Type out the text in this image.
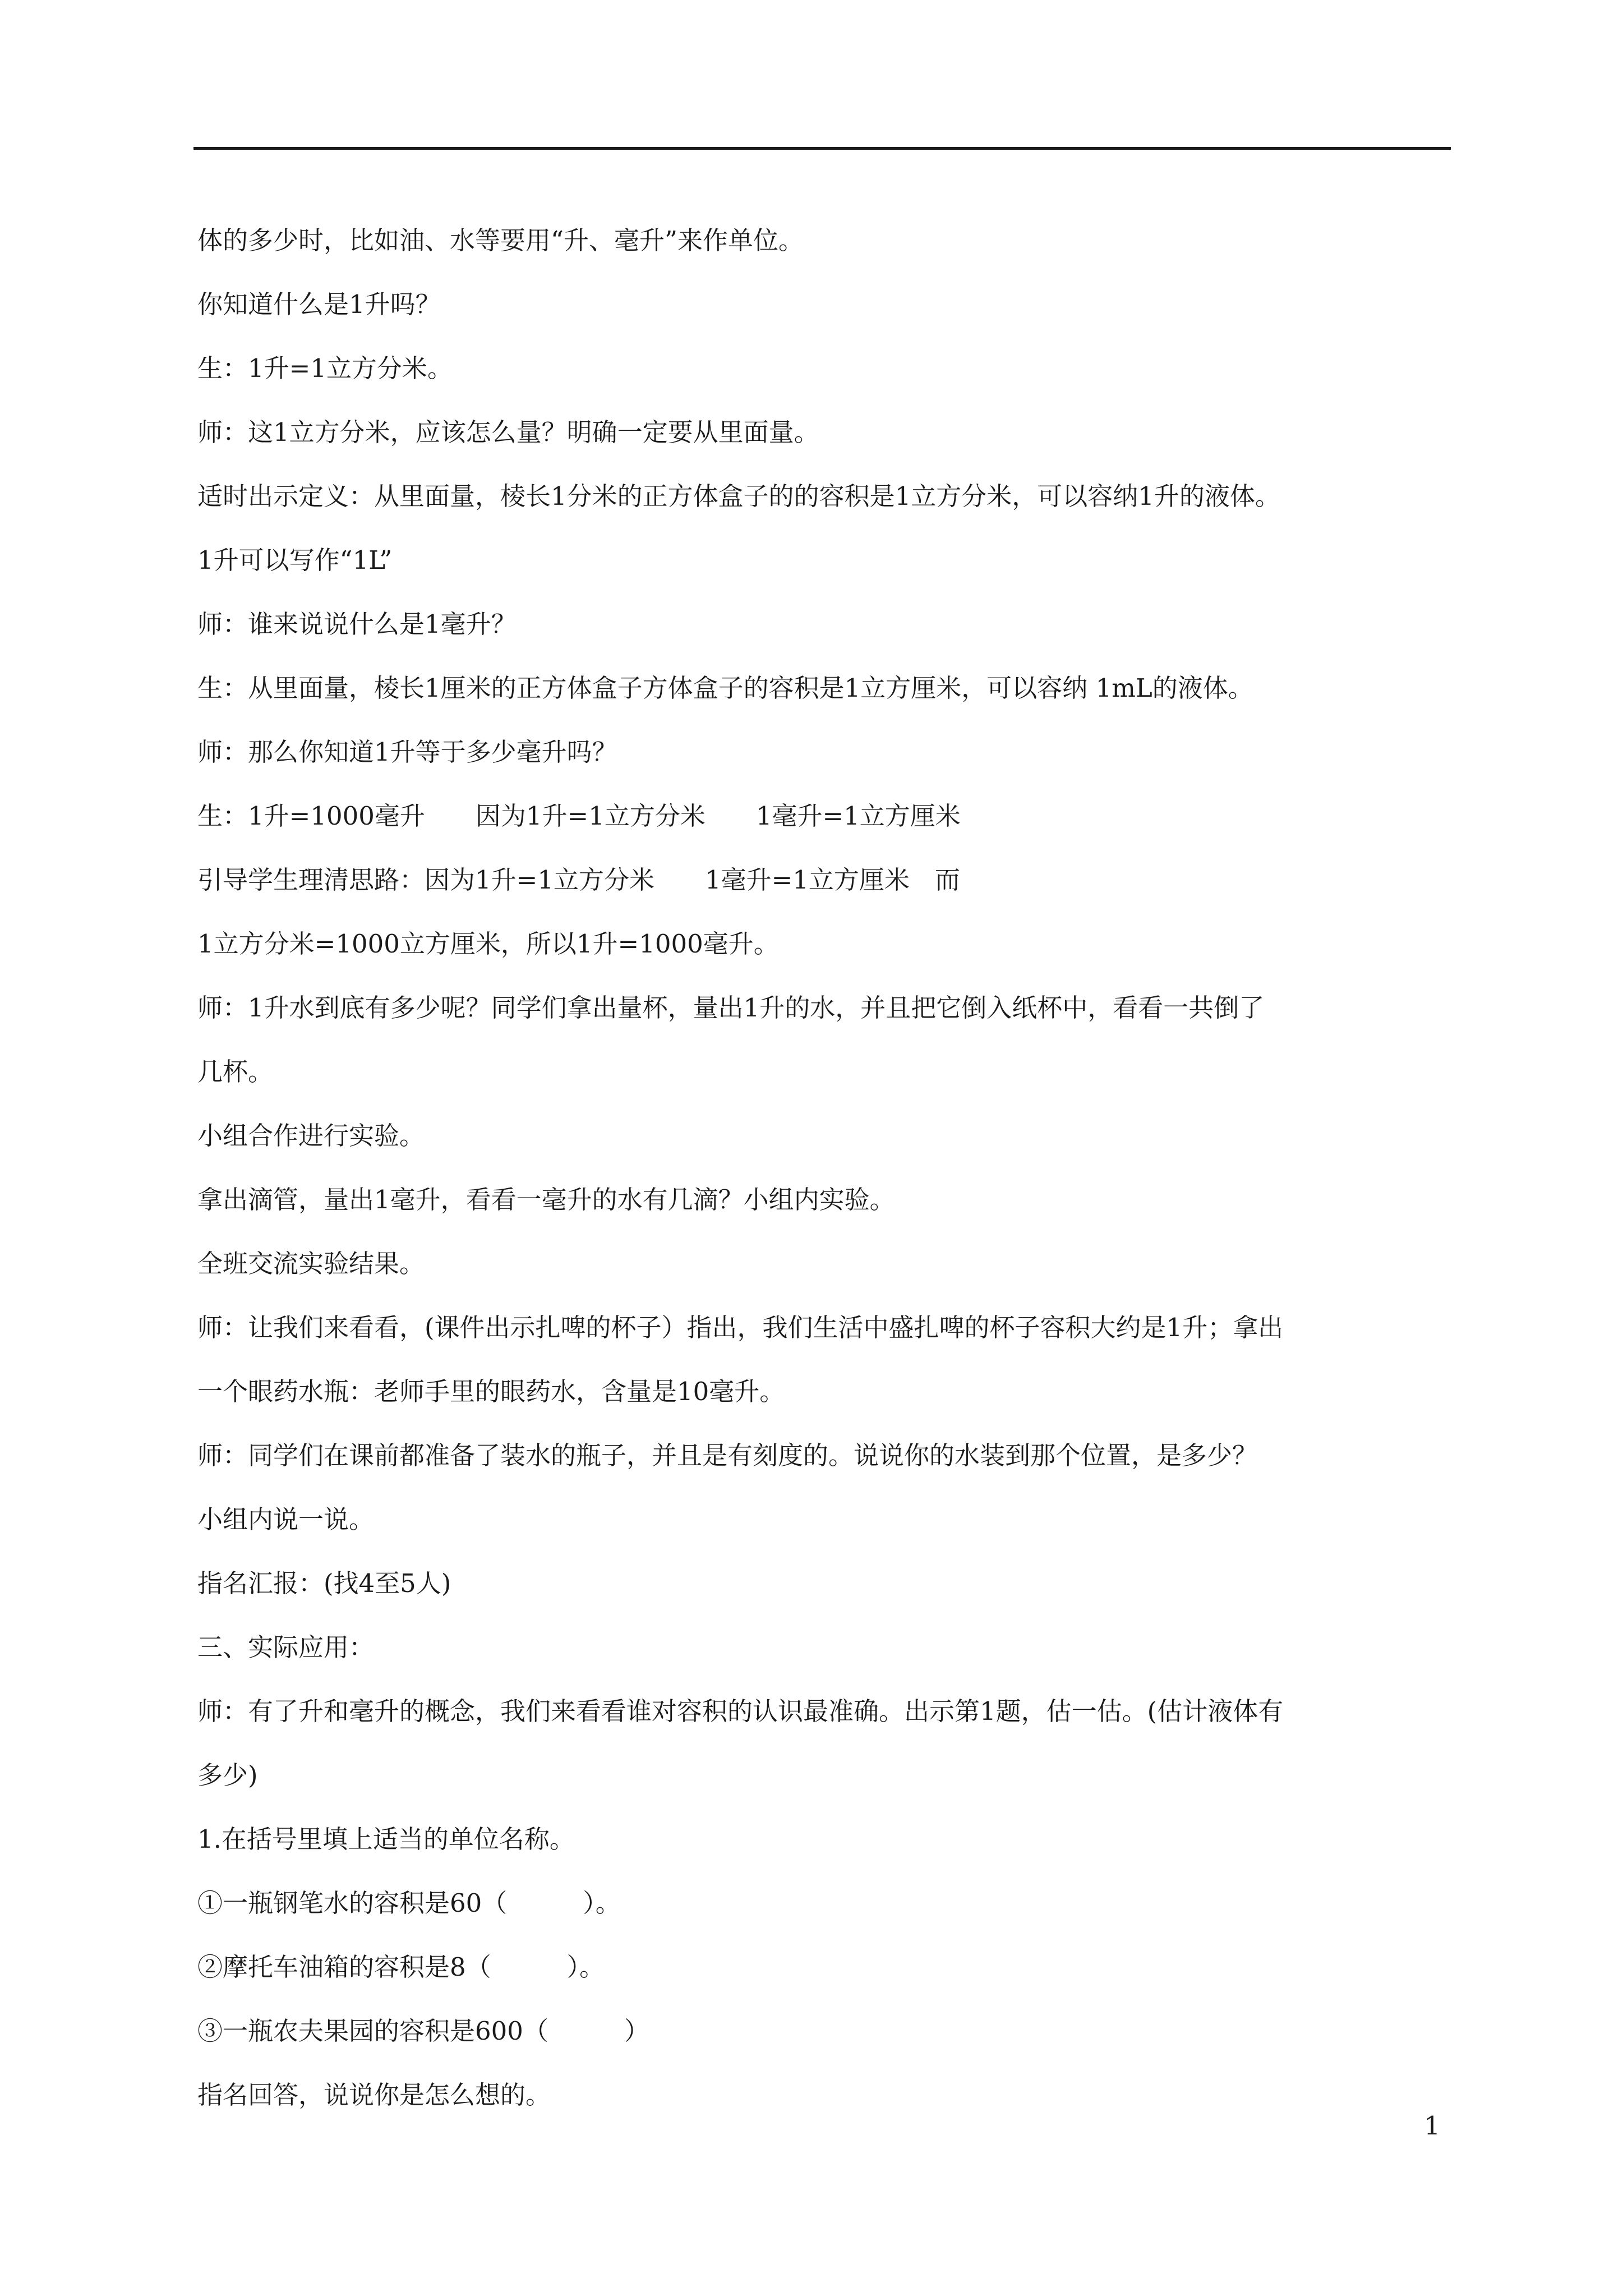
体的多少时，比如油、水等要用“升、毫升”来作单位。

你知道什么是1升吗？

生：1升=1立方分米。

师：这1立方分米，应该怎么量？明确一定要从里面量。

适时出示定义：从里面量，棱长1分米的正方体盒子的的容积是1立方分米，可以容纳1升的液体。

1升可以写作“1L”

师：谁来说说什么是1毫升？

生：从里面量，棱长1厘米的正方体盒子方体盒子的容积是1立方厘米，可以容纳 1mL的液体。

师：那么你知道1升等于多少毫升吗？

生：1升=1000毫升　　因为1升=1立方分米　　1毫升=1立方厘米

引导学生理清思路：因为1升=1立方分米　　1毫升=1立方厘米　而

1立方分米=1000立方厘米，所以1升=1000毫升。

师：1升水到底有多少呢？同学们拿出量杯，量出1升的水，并且把它倒入纸杯中，看看一共倒了

几杯。

小组合作进行实验。

拿出滴管，量出1毫升，看看一毫升的水有几滴？小组内实验。

全班交流实验结果。

师：让我们来看看，(课件出示扎啤的杯子）指出，我们生活中盛扎啤的杯子容积大约是1升；拿出

一个眼药水瓶：老师手里的眼药水，含量是10毫升。

师：同学们在课前都准备了装水的瓶子，并且是有刻度的。说说你的水装到那个位置，是多少？

小组内说一说。

指名汇报：(找4至5人)

三、实际应用：

师：有了升和毫升的概念，我们来看看谁对容积的认识最准确。出示第1题，估一估。(估计液体有

多少)

1.在括号里填上适当的单位名称。

①一瓶钢笔水的容积是60（　　　）。

②摩托车油箱的容积是8（　　　）。

③一瓶农夫果园的容积是600（　　　）

指名回答，说说你是怎么想的。

1
